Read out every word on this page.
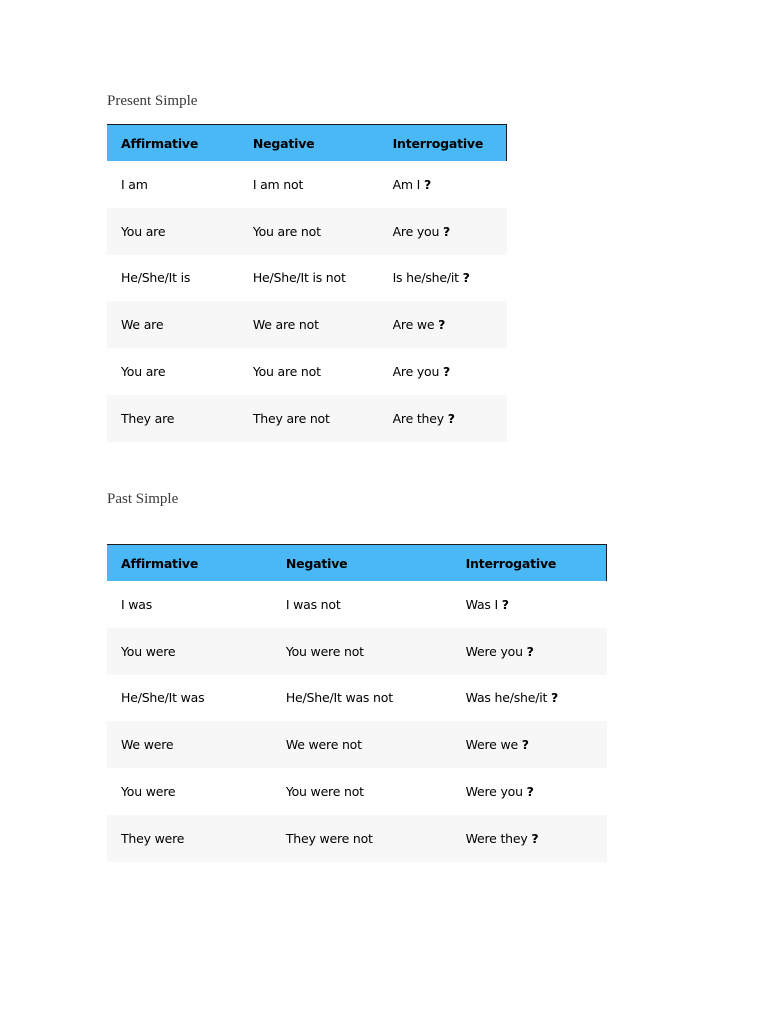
Present Simple
Affirmative	Negative	Interrogative
I am	I am not	Am I ?
You are	You are not	Are you ?
He/She/It is	He/She/It is not	Is he/she/it ?
We are	We are not	Are we ?
You are	You are not	Are you ?
They are	They are not	Are they ?
Past Simple
Affirmative	Negative	Interrogative
I was	I was not	Was I ?
You were	You were not	Were you ?
He/She/It was	He/She/It was not	Was he/she/it ?
We were	We were not	Were we ?
You were	You were not	Were you ?
They were	They were not	Were they ?
